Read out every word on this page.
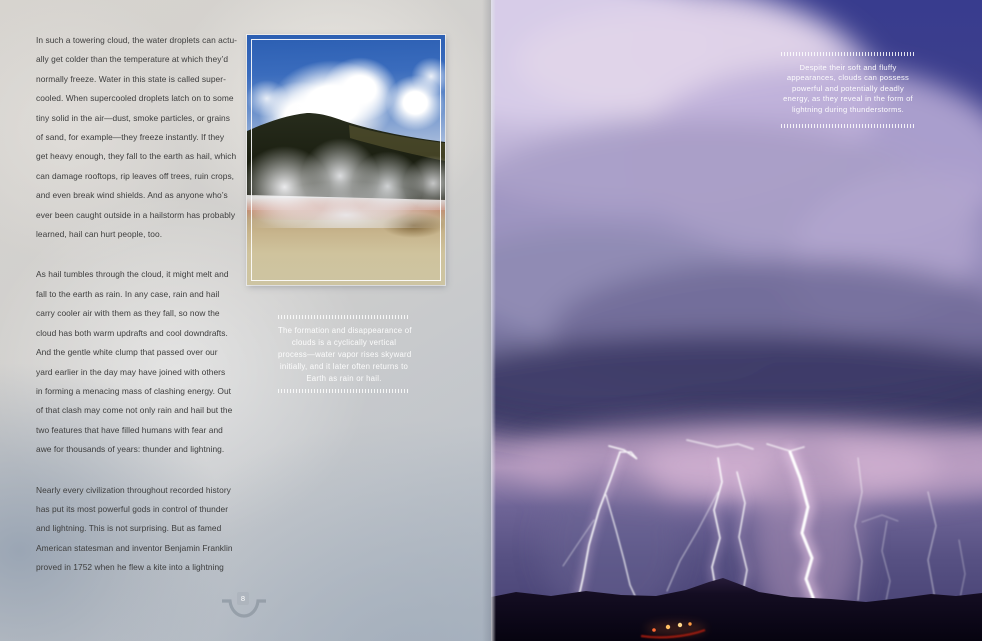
In such a towering cloud, the water droplets can actu-
ally get colder than the temperature at which they’d
normally freeze. Water in this state is called super-
cooled. When supercooled droplets latch on to some
tiny solid in the air—dust, smoke particles, or grains
of sand, for example—they freeze instantly. If they
get heavy enough, they fall to the earth as hail, which
can damage rooftops, rip leaves off trees, ruin crops,
and even break wind shields. And as anyone who’s
ever been caught outside in a hailstorm has probably
learned, hail can hurt people, too.
As hail tumbles through the cloud, it might melt and
fall to the earth as rain. In any case, rain and hail
carry cooler air with them as they fall, so now the
cloud has both warm updrafts and cool downdrafts.
And the gentle white clump that passed over our
yard earlier in the day may have joined with others
in forming a menacing mass of clashing energy. Out
of that clash may come not only rain and hail but the
two features that have filled humans with fear and
awe for thousands of years: thunder and lightning.
Nearly every civilization throughout recorded history
has put its most powerful gods in control of thunder
and lightning. This is not surprising. But as famed
American statesman and inventor Benjamin Franklin
proved in 1752 when he flew a kite into a lightning
The formation and disappearance of
clouds is a cyclically vertical
process—water vapor rises skyward
initially, and it later often returns to
Earth as rain or hail.
8
Despite their soft and fluffy
appearances, clouds can possess
powerful and potentially deadly
energy, as they reveal in the form of
lightning during thunderstorms.
